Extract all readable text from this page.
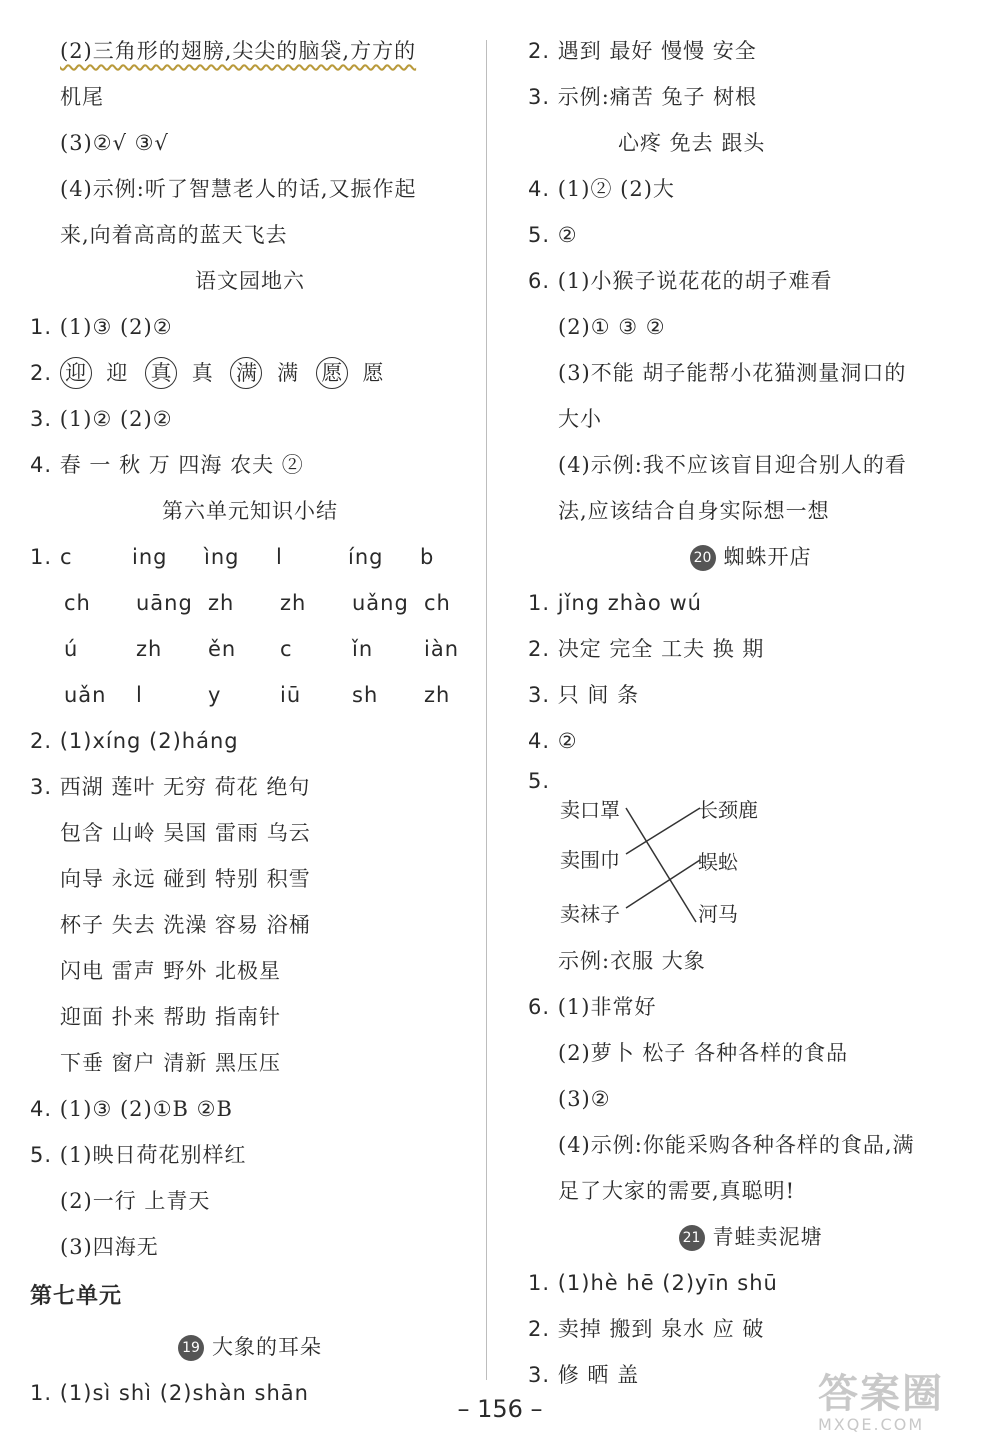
(2)三角形的翅膀,尖尖的脑袋,方方的
机尾
(3)②√ ③√
(4)示例:听了智慧老人的话,又振作起
来,向着高高的蓝天飞去
语文园地六
1. (1)③ (2)②
2. 迎 迎 真 真 满 满 愿 愿
3. (1)② (2)②
4. 春 一 秋 万 四海 农夫 ②
第六单元知识小结
1. c	ing ìng l	íng b
ch uāng zh zh uǎng ch
ú	zh ěn c	ǐn iàn
uǎn l	y	iū sh zh
2. (1)xíng (2)háng
3. 西湖 莲叶 无穷 荷花 绝句
包含 山岭 吴国 雷雨 乌云
向导 永远 碰到 特别 积雪
杯子 失去 洗澡 容易 浴桶
闪电 雷声 野外 北极星
迎面 扑来 帮助 指南针
下垂 窗户 清新 黑压压
4. (1)③ (2)①B ②B
5. (1)映日荷花别样红
(2)一行 上青天
(3)四海无
第七单元
19 大象的耳朵
1. (1)sì shì (2)shàn shān
2. 遇到 最好 慢慢 安全
3. 示例:痛苦 兔子 树根
心疼 免去 跟头
4. (1)② (2)大
5. ②
6. (1)小猴子说花花的胡子难看
(2)① ③ ②
(3)不能 胡子能帮小花猫测量洞口的
大小
(4)示例:我不应该盲目迎合别人的看
法,应该结合自身实际想一想
20 蜘蛛开店
1. jǐng zhào wú
2. 决定 完全 工夫 换 期
3. 只 间 条
4. ②
5.
卖口罩
卖围巾
卖袜子
长颈鹿
蜈蚣
河马
示例:衣服 大象
6. (1)非常好
(2)萝卜 松子 各种各样的食品
(3)②
(4)示例:你能采购各种各样的食品,满
足了大家的需要,真聪明!
21 青蛙卖泥塘
1. (1)hè hē (2)yīn shū
2. 卖掉 搬到 泉水 应 破
3. 修 晒 盖
– 156 –	答案圈
MXQE.COM
